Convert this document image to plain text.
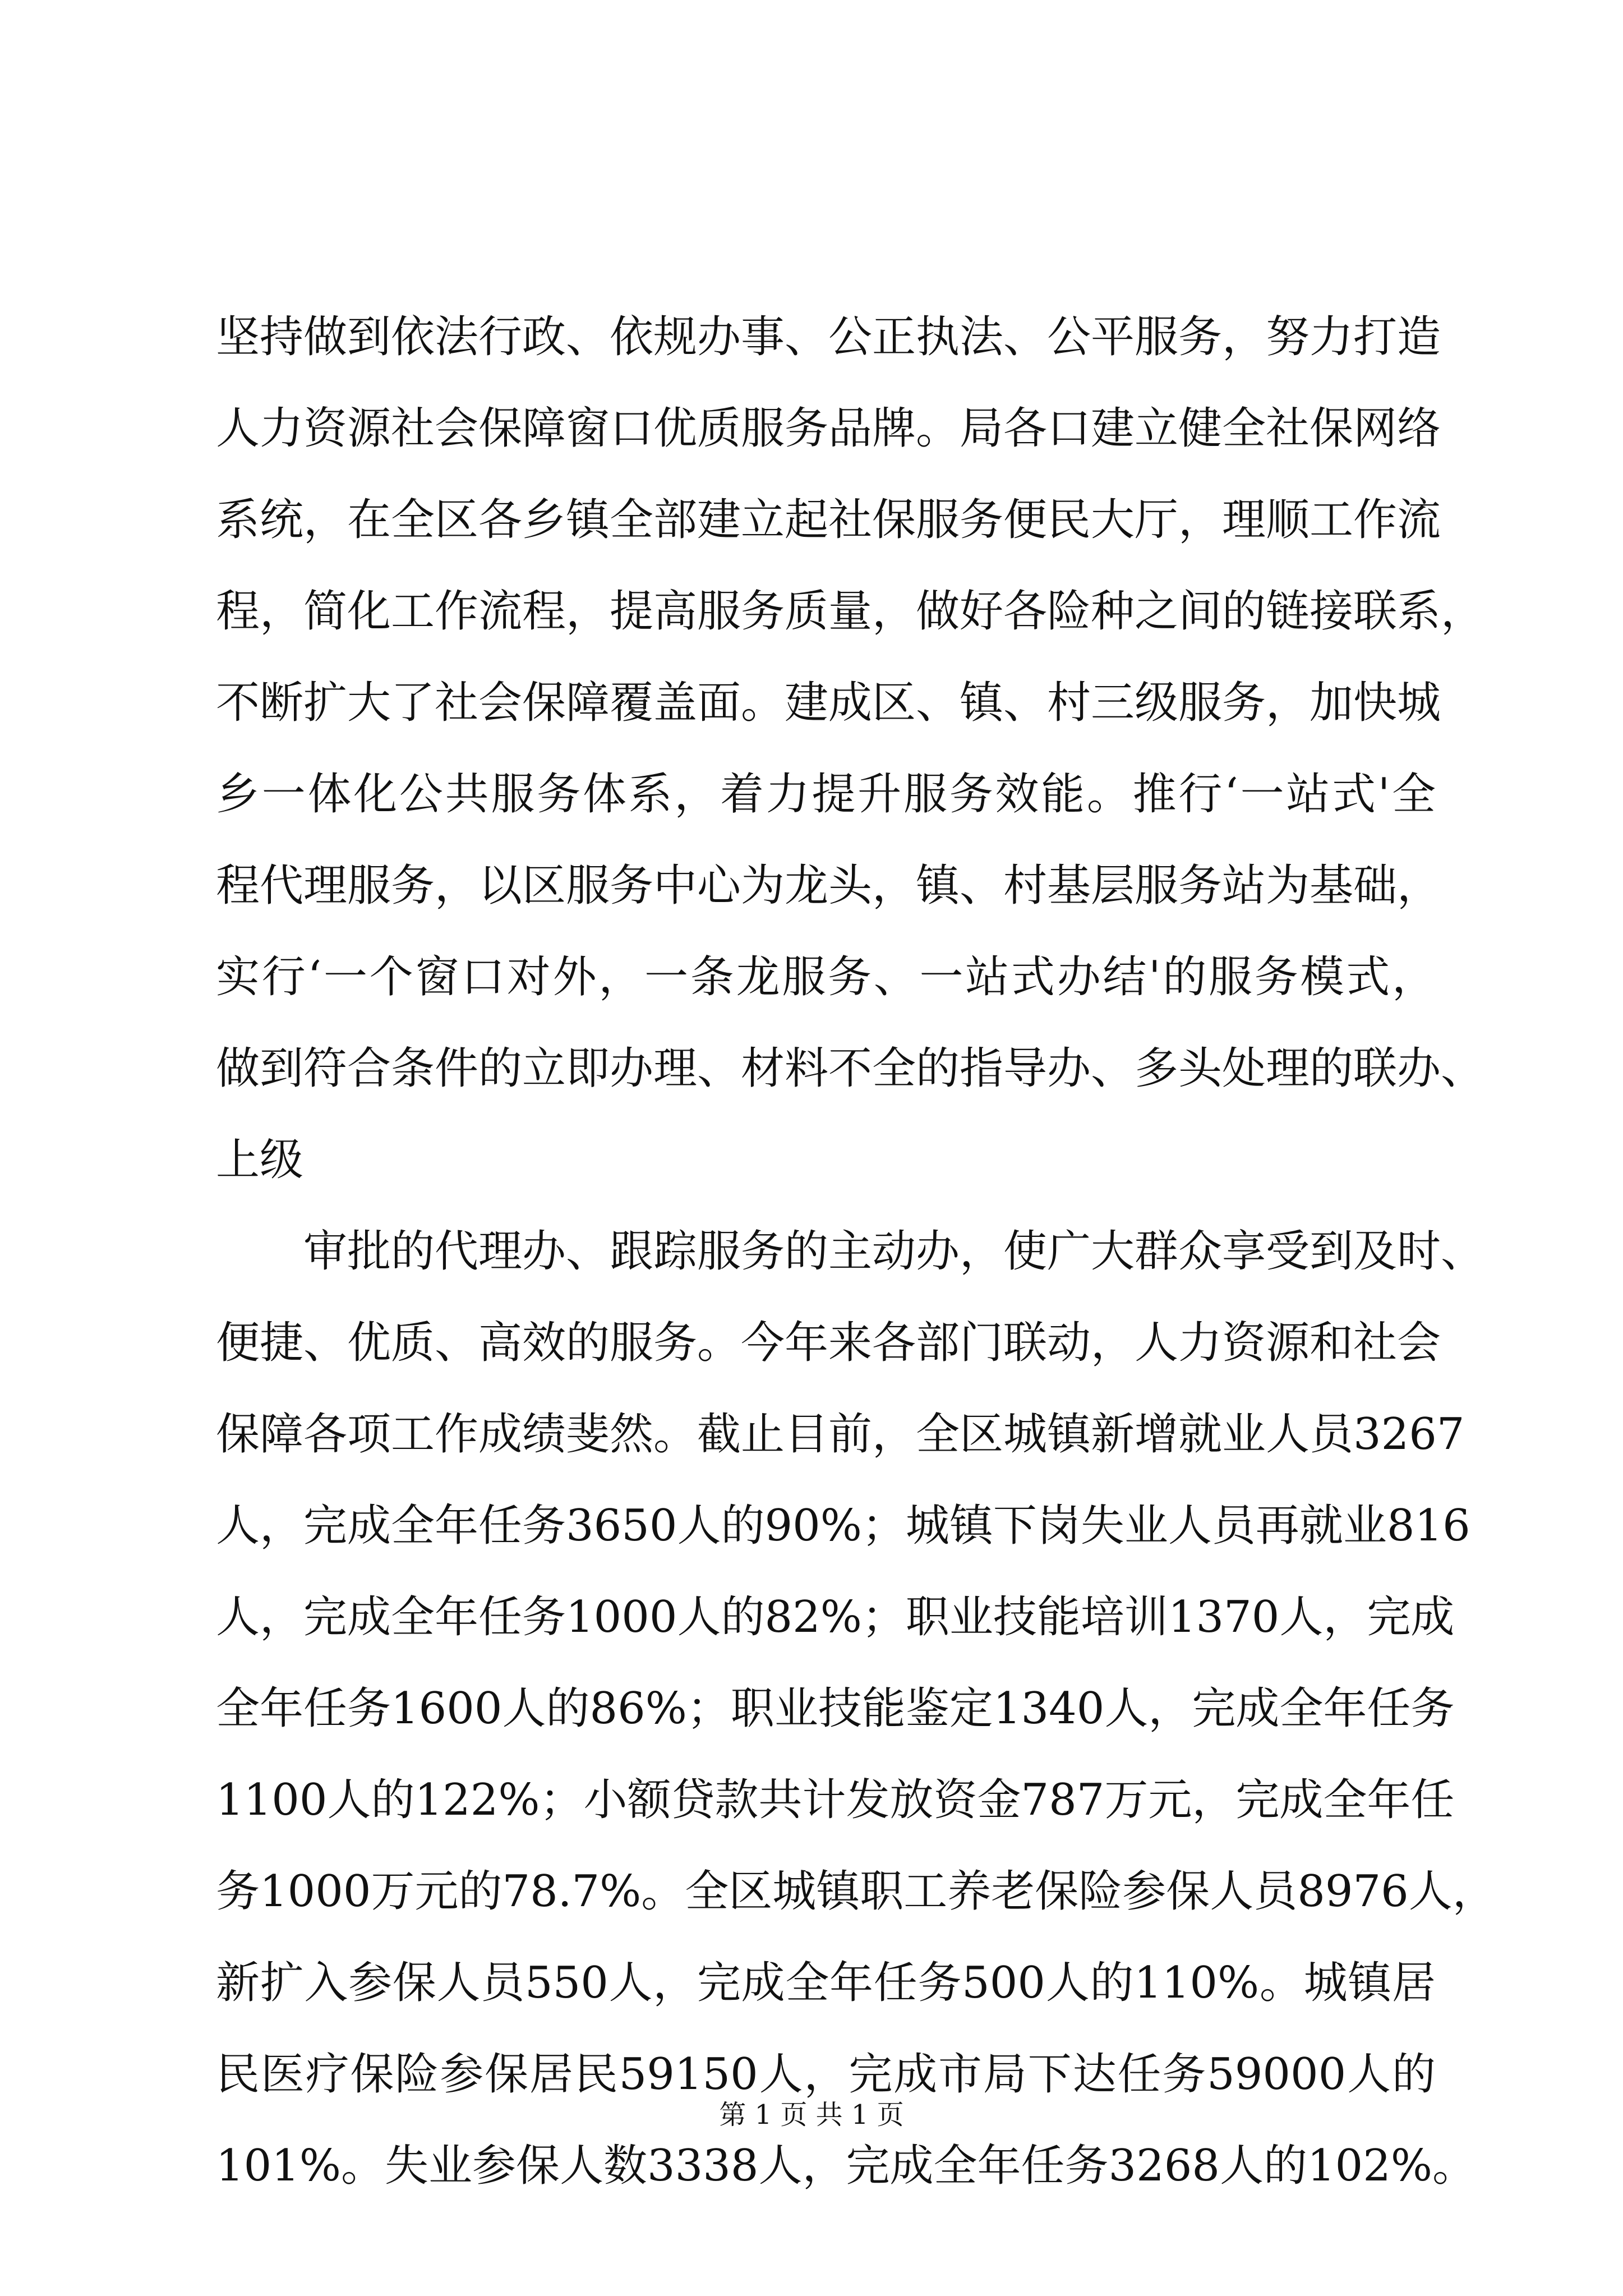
坚持做到依法行政、依规办事、公正执法、公平服务，努力打造
人力资源社会保障窗口优质服务品牌。局各口建立健全社保网络
系统，在全区各乡镇全部建立起社保服务便民大厅，理顺工作流
程，简化工作流程，提高服务质量，做好各险种之间的链接联系，
不断扩大了社会保障覆盖面。建成区、镇、村三级服务，加快城
乡一体化公共服务体系，着力提升服务效能。推行‘一站式'全
程代理服务，以区服务中心为龙头，镇、村基层服务站为基础，
实行‘一个窗口对外，一条龙服务、一站式办结'的服务模式，
做到符合条件的立即办理、材料不全的指导办、多头处理的联办、
上级
审批的代理办、跟踪服务的主动办，使广大群众享受到及时、
便捷、优质、高效的服务。今年来各部门联动，人力资源和社会
保障各项工作成绩斐然。截止目前，全区城镇新增就业人员3267
人，完成全年任务3650人的90%；城镇下岗失业人员再就业816
人，完成全年任务1000人的82%；职业技能培训1370人，完成
全年任务1600人的86%；职业技能鉴定1340人，完成全年任务
1100人的122%；小额贷款共计发放资金787万元，完成全年任
务1000万元的78.7%。全区城镇职工养老保险参保人员8976人，
新扩入参保人员550人，完成全年任务500人的110%。城镇居
民医疗保险参保居民59150人，完成市局下达任务59000人的
101%。失业参保人数3338人，完成全年任务3268人的102%。
第 1 页 共 1 页
